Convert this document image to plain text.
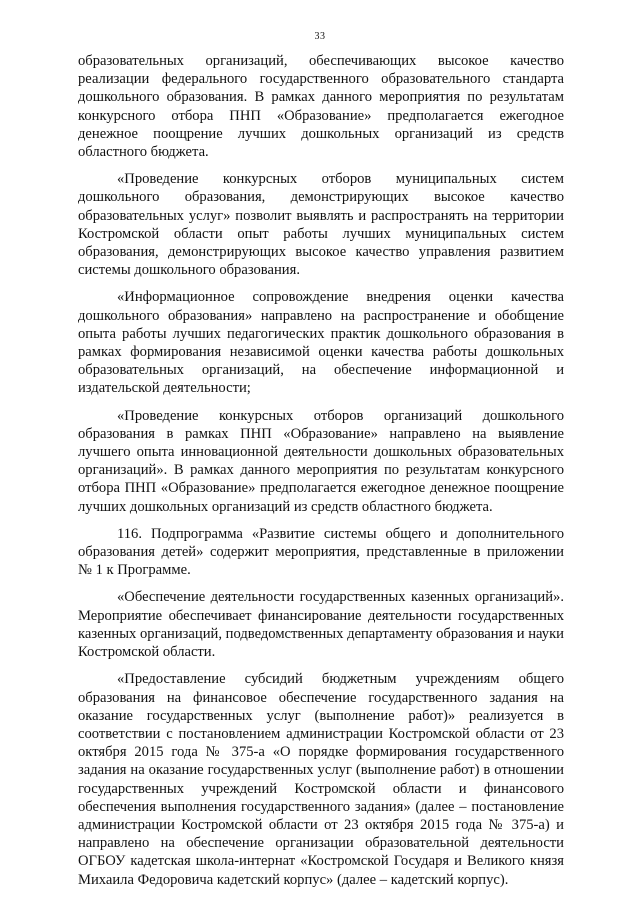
33

образовательных организаций, обеспечивающих высокое качество реализации федерального государственного образовательного стандарта дошкольного образования. В рамках данного мероприятия по результатам конкурсного отбора ПНП «Образование» предполагается ежегодное денежное поощрение лучших дошкольных организаций из средств областного бюджета.

«Проведение конкурсных отборов муниципальных систем дошкольного образования, демонстрирующих высокое качество образовательных услуг» позволит выявлять и распространять на территории Костромской области опыт работы лучших муниципальных систем образования, демонстрирующих высокое качество управления развитием системы дошкольного образования.

«Информационное сопровождение внедрения оценки качества дошкольного образования» направлено на распространение и обобщение опыта работы лучших педагогических практик дошкольного образования в рамках формирования независимой оценки качества работы дошкольных образовательных организаций, на обеспечение информационной и издательской деятельности;

«Проведение конкурсных отборов организаций дошкольного образования в рамках ПНП «Образование» направлено на выявление лучшего опыта инновационной деятельности дошкольных образовательных организаций». В рамках данного мероприятия по результатам конкурсного отбора ПНП «Образование» предполагается ежегодное денежное поощрение лучших дошкольных организаций из средств областного бюджета.

116. Подпрограмма «Развитие системы общего и дополнительного образования детей» содержит мероприятия, представленные в приложении № 1 к Программе.

«Обеспечение деятельности государственных казенных организаций». Мероприятие обеспечивает финансирование деятельности государственных казенных организаций, подведомственных департаменту образования и науки Костромской области.

«Предоставление субсидий бюджетным учреждениям общего образования на финансовое обеспечение государственного задания на оказание государственных услуг (выполнение работ)» реализуется в соответствии с постановлением администрации Костромской области от 23 октября 2015 года № 375-а «О порядке формирования государственного задания на оказание государственных услуг (выполнение работ) в отношении государственных учреждений Костромской области и финансового обеспечения выполнения государственного задания» (далее – постановление администрации Костромской области от 23 октября 2015 года № 375-а) и направлено на обеспечение организации образовательной деятельности ОГБОУ кадетская школа-интернат «Костромской Государя и Великого князя Михаила Федоровича кадетский корпус» (далее – кадетский корпус).
